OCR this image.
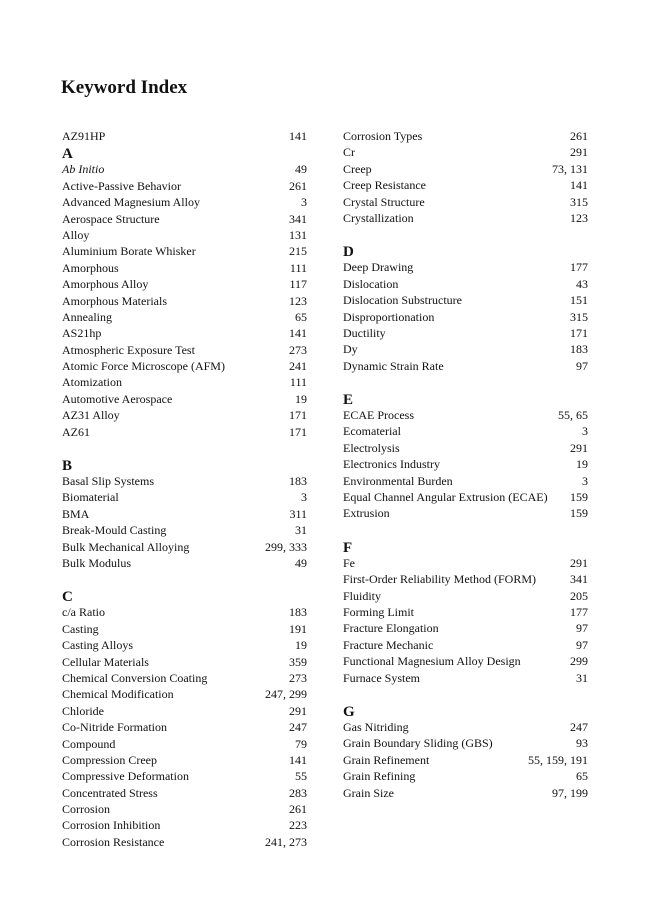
Keyword Index
AZ91HP	141
A
Ab Initio	49
Active-Passive Behavior	261
Advanced Magnesium Alloy	3
Aerospace Structure	341
Alloy	131
Aluminium Borate Whisker	215
Amorphous	111
Amorphous Alloy	117
Amorphous Materials	123
Annealing	65
AS21hp	141
Atmospheric Exposure Test	273
Atomic Force Microscope (AFM)	241
Atomization	111
Automotive Aerospace	19
AZ31 Alloy	171
AZ61	171
B
Basal Slip Systems	183
Biomaterial	3
BMA	311
Break-Mould Casting	31
Bulk Mechanical Alloying	299, 333
Bulk Modulus	49
C
c/a Ratio	183
Casting	191
Casting Alloys	19
Cellular Materials	359
Chemical Conversion Coating	273
Chemical Modification	247, 299
Chloride	291
Co-Nitride Formation	247
Compound	79
Compression Creep	141
Compressive Deformation	55
Concentrated Stress	283
Corrosion	261
Corrosion Inhibition	223
Corrosion Resistance	241, 273
Corrosion Types	261
Cr	291
Creep	73, 131
Creep Resistance	141
Crystal Structure	315
Crystallization	123
D
Deep Drawing	177
Dislocation	43
Dislocation Substructure	151
Disproportionation	315
Ductility	171
Dy	183
Dynamic Strain Rate	97
E
ECAE Process	55, 65
Ecomaterial	3
Electrolysis	291
Electronics Industry	19
Environmental Burden	3
Equal Channel Angular Extrusion (ECAE)	159
Extrusion	159
F
Fe	291
First-Order Reliability Method (FORM)	341
Fluidity	205
Forming Limit	177
Fracture Elongation	97
Fracture Mechanic	97
Functional Magnesium Alloy Design	299
Furnace System	31
G
Gas Nitriding	247
Grain Boundary Sliding (GBS)	93
Grain Refinement	55, 159, 191
Grain Refining	65
Grain Size	97, 199
